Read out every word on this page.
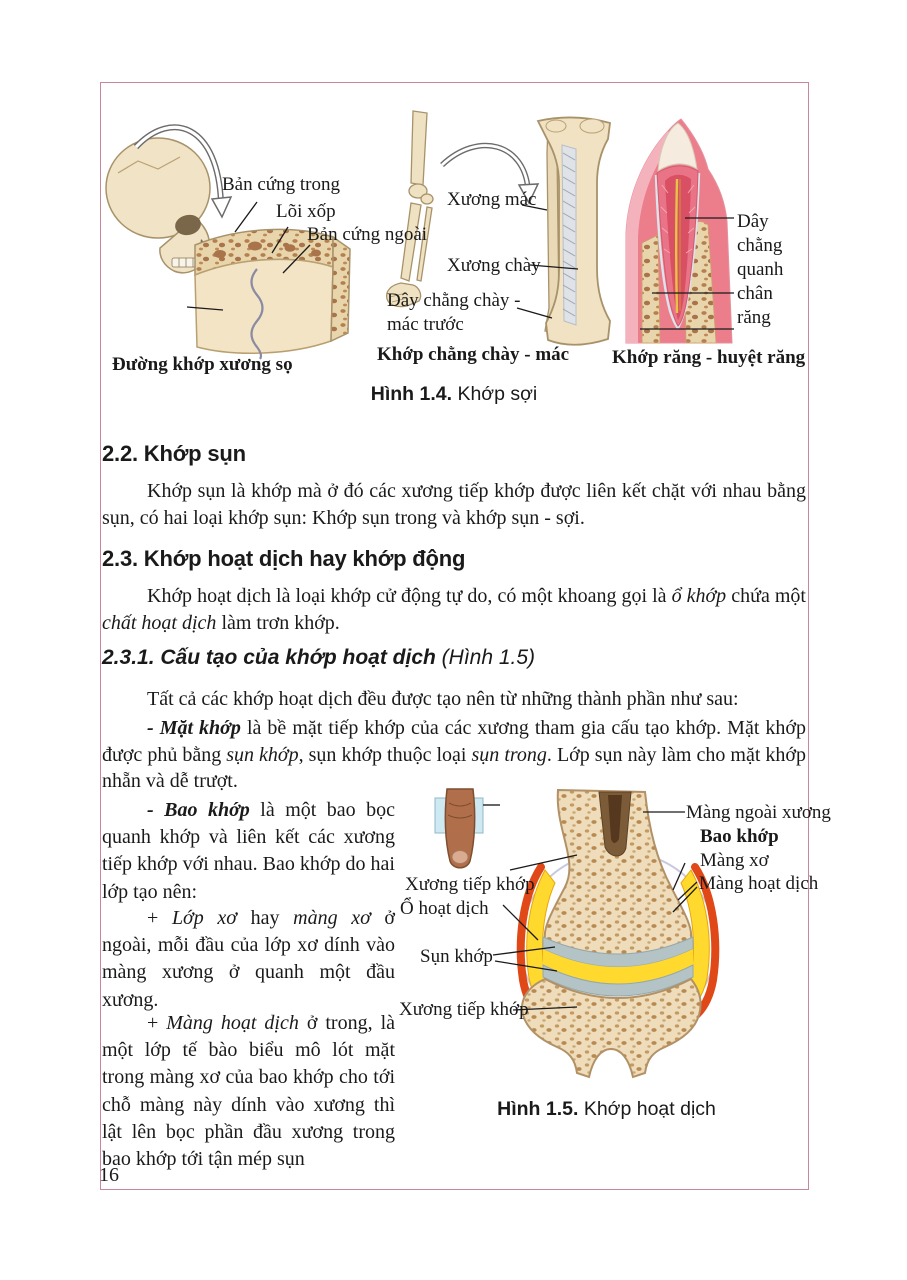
Bản cứng trong
Lõi xốp
Bản cứng ngoài
Đường khớp xương sọ
Xương mác
Xương chày
Dây chằng chày - mác trước
Khớp chằng chày - mác
Dây chằng quanh chân răng
Khớp răng - huyệt răng
Hình 1.4. Khớp sợi
2.2. Khớp sụn

Khớp sụn là khớp mà ở đó các xương tiếp khớp được liên kết chặt với nhau bằng sụn, có hai loại khớp sụn: Khớp sụn trong và khớp sụn - sợi.

2.3. Khớp hoạt dịch hay khớp động

Khớp hoạt dịch là loại khớp cử động tự do, có một khoang gọi là ổ khớp chứa một chất hoạt dịch làm trơn khớp.

2.3.1. Cấu tạo của khớp hoạt dịch (Hình 1.5)

Tất cả các khớp hoạt dịch đều được tạo nên từ những thành phần như sau:

- Mặt khớp là bề mặt tiếp khớp của các xương tham gia cấu tạo khớp. Mặt khớp được phủ bằng sụn khớp, sụn khớp thuộc loại sụn trong. Lớp sụn này làm cho mặt khớp nhẵn và dễ trượt.

- Bao khớp là một bao bọc quanh khớp và liên kết các xương tiếp khớp với nhau. Bao khớp do hai lớp tạo nên:

+ Lớp xơ hay màng xơ ở ngoài, mỗi đầu của lớp xơ dính vào màng xương ở quanh một đầu xương.

+ Màng hoạt dịch ở trong, là một lớp tế bào biểu mô lót mặt trong màng xơ của bao khớp cho tới chỗ màng này dính vào xương thì lật lên bọc phần đầu xương trong bao khớp tới tận mép sụn

Màng ngoài xương
Bao khớp
Màng xơ
Màng hoạt dịch
Xương tiếp khớp
Ổ hoạt dịch
Sụn khớp
Xương tiếp khớp
Hình 1.5. Khớp hoạt dịch
16
